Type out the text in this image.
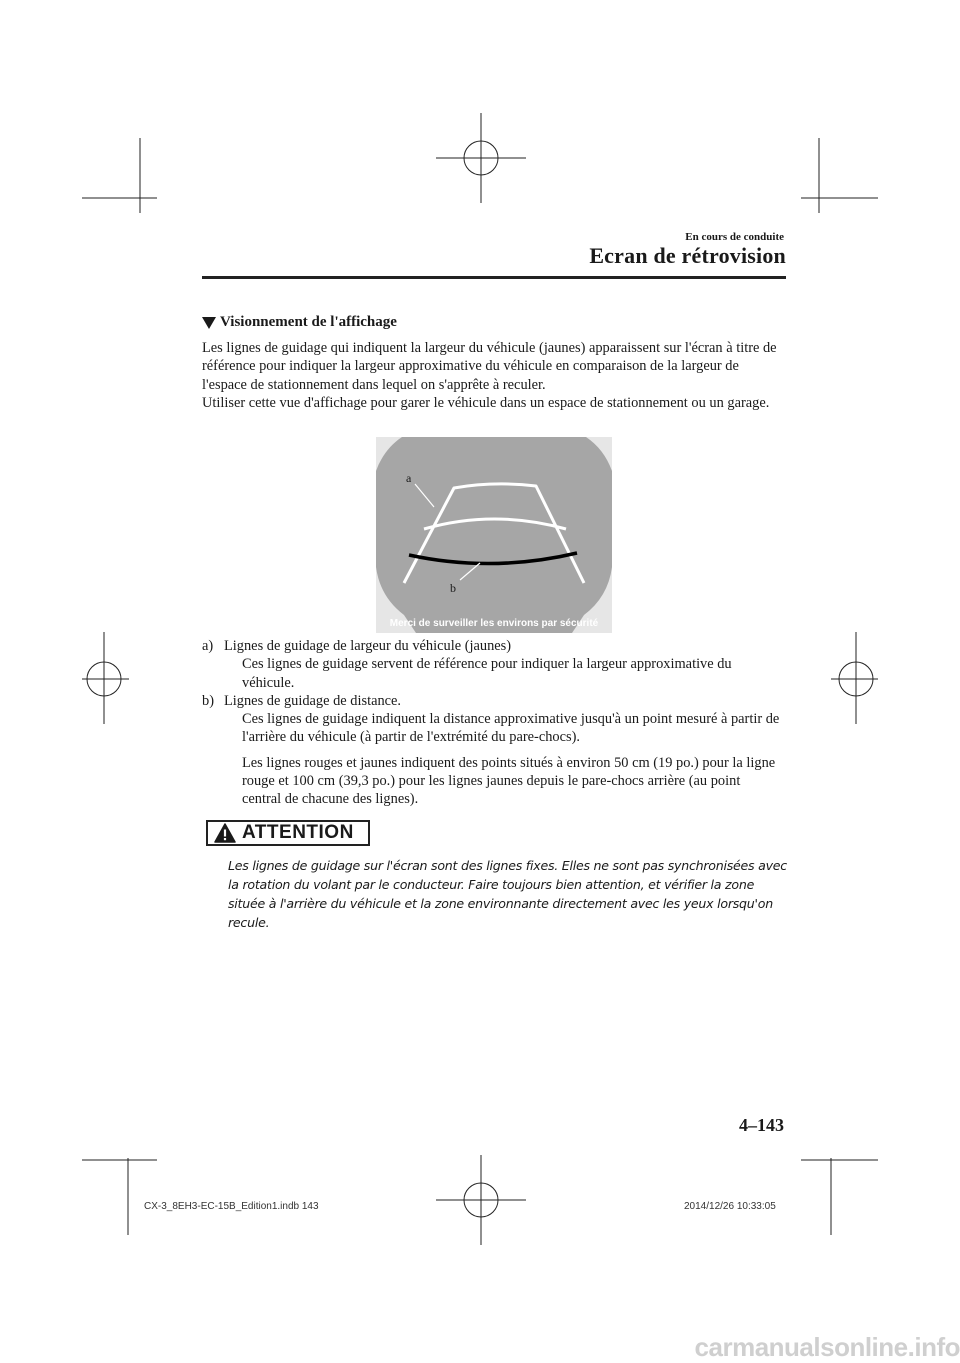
En cours de conduite
Ecran de rétrovision
Visionnement de l'affichage

Les lignes de guidage qui indiquent la largeur du véhicule (jaunes) apparaissent sur l'écran à titre de référence pour indiquer la largeur approximative du véhicule en comparaison de la largeur de l'espace de stationnement dans lequel on s'apprête à reculer.

Utiliser cette vue d'affichage pour garer le véhicule dans un espace de stationnement ou un garage.

a
b
Merci de surveiller les environs par sécurité
a) Lignes de guidage de largeur du véhicule (jaunes)

Ces lignes de guidage servent de référence pour indiquer la largeur approximative du véhicule.

b) Lignes de guidage de distance.

Ces lignes de guidage indiquent la distance approximative jusqu'à un point mesuré à partir de l'arrière du véhicule (à partir de l'extrémité du pare-chocs).

Les lignes rouges et jaunes indiquent des points situés à environ 50 cm (19 po.) pour la ligne rouge et 100 cm (39,3 po.) pour les lignes jaunes depuis le pare-chocs arrière (au point central de chacune des lignes).

ATTENTION
Les lignes de guidage sur l'écran sont des lignes fixes. Elles ne sont pas synchronisées avec la rotation du volant par le conducteur. Faire toujours bien attention, et vérifier la zone située à l'arrière du véhicule et la zone environnante directement avec les yeux lorsqu'on recule.
4–143
CX-3_8EH3-EC-15B_Edition1.indb 143	2014/12/26 10:33:05
carmanualsonline.info
